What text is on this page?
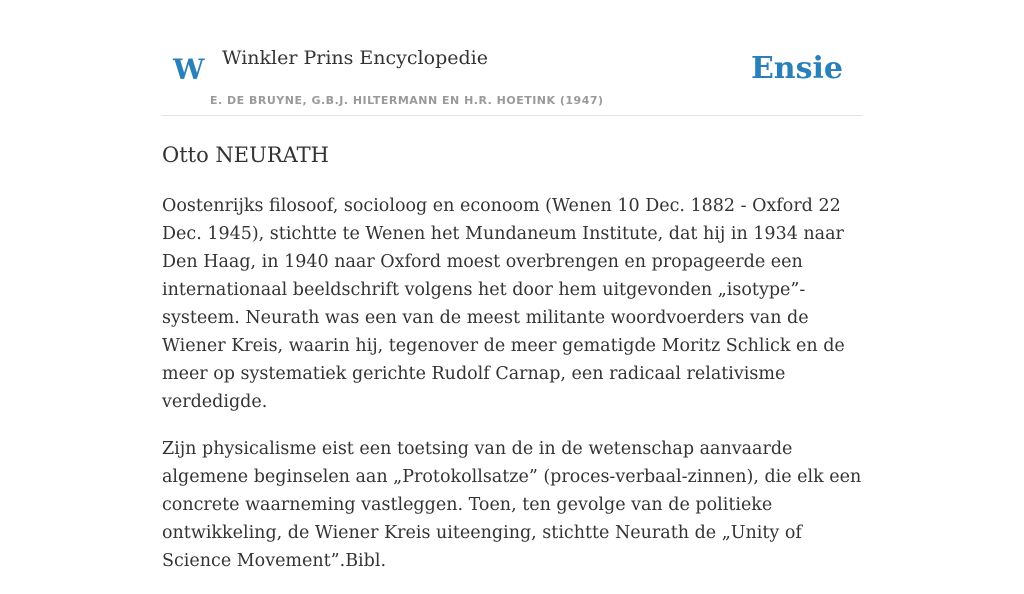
W Winkler Prins Encyclopedie
E. DE BRUYNE, G.B.J. HILTERMANN EN H.R. HOETINK (1947)
Ensie
Otto NEURATH

Oostenrijks filosoof, socioloog en econoom (Wenen 10 Dec. 1882 - Oxford 22 Dec. 1945), stichtte te Wenen het Mundaneum Institute, dat hij in 1934 naar Den Haag, in 1940 naar Oxford moest overbrengen en propageerde een internationaal beeldschrift volgens het door hem uitgevonden „isotype”-systeem. Neurath was een van de meest militante woordvoerders van de Wiener Kreis, waarin hij, tegenover de meer gematigde Moritz Schlick en de meer op systematiek gerichte Rudolf Carnap, een radicaal relativisme verdedigde.

Zijn physicalisme eist een toetsing van de in de wetenschap aanvaarde algemene beginselen aan „Protokollsatze” (proces-verbaal-zinnen), die elk een concrete waarneming vastleggen. Toen, ten gevolge van de politieke ontwikkeling, de Wiener Kreis uiteenging, stichtte Neurath de „Unity of Science Movement”.Bibl.
